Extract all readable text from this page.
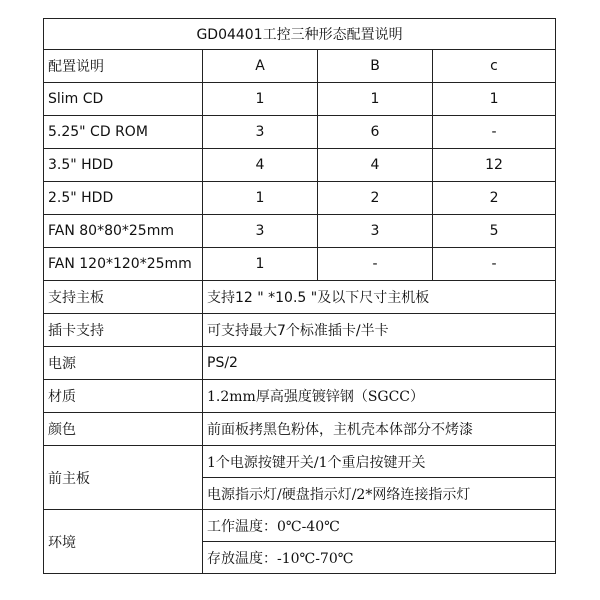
GD04401工控三种形态配置说明			
配置说明	A	B	c
Slim CD	1	1	1
5.25" CD ROM	3	6	-
3.5" HDD	4	4	12
2.5" HDD	1	2	2
FAN 80*80*25mm	3	3	5
FAN 120*120*25mm	1	-	-
支持主板	支持12 " *10.5 "及以下尺寸主机板		
插卡支持	可支持最大7个标准插卡/半卡		
电源	PS/2		
材质	1.2mm厚高强度镀锌钢（SGCC）		
颜色	前面板拷黑色粉体，主机壳本体部分不烤漆		
前主板	1个电源按键开关/1个重启按键开关		
	电源指示灯/硬盘指示灯/2*网络连接指示灯		
环境	工作温度：0℃-40℃		
	存放温度：-10℃-70℃		
